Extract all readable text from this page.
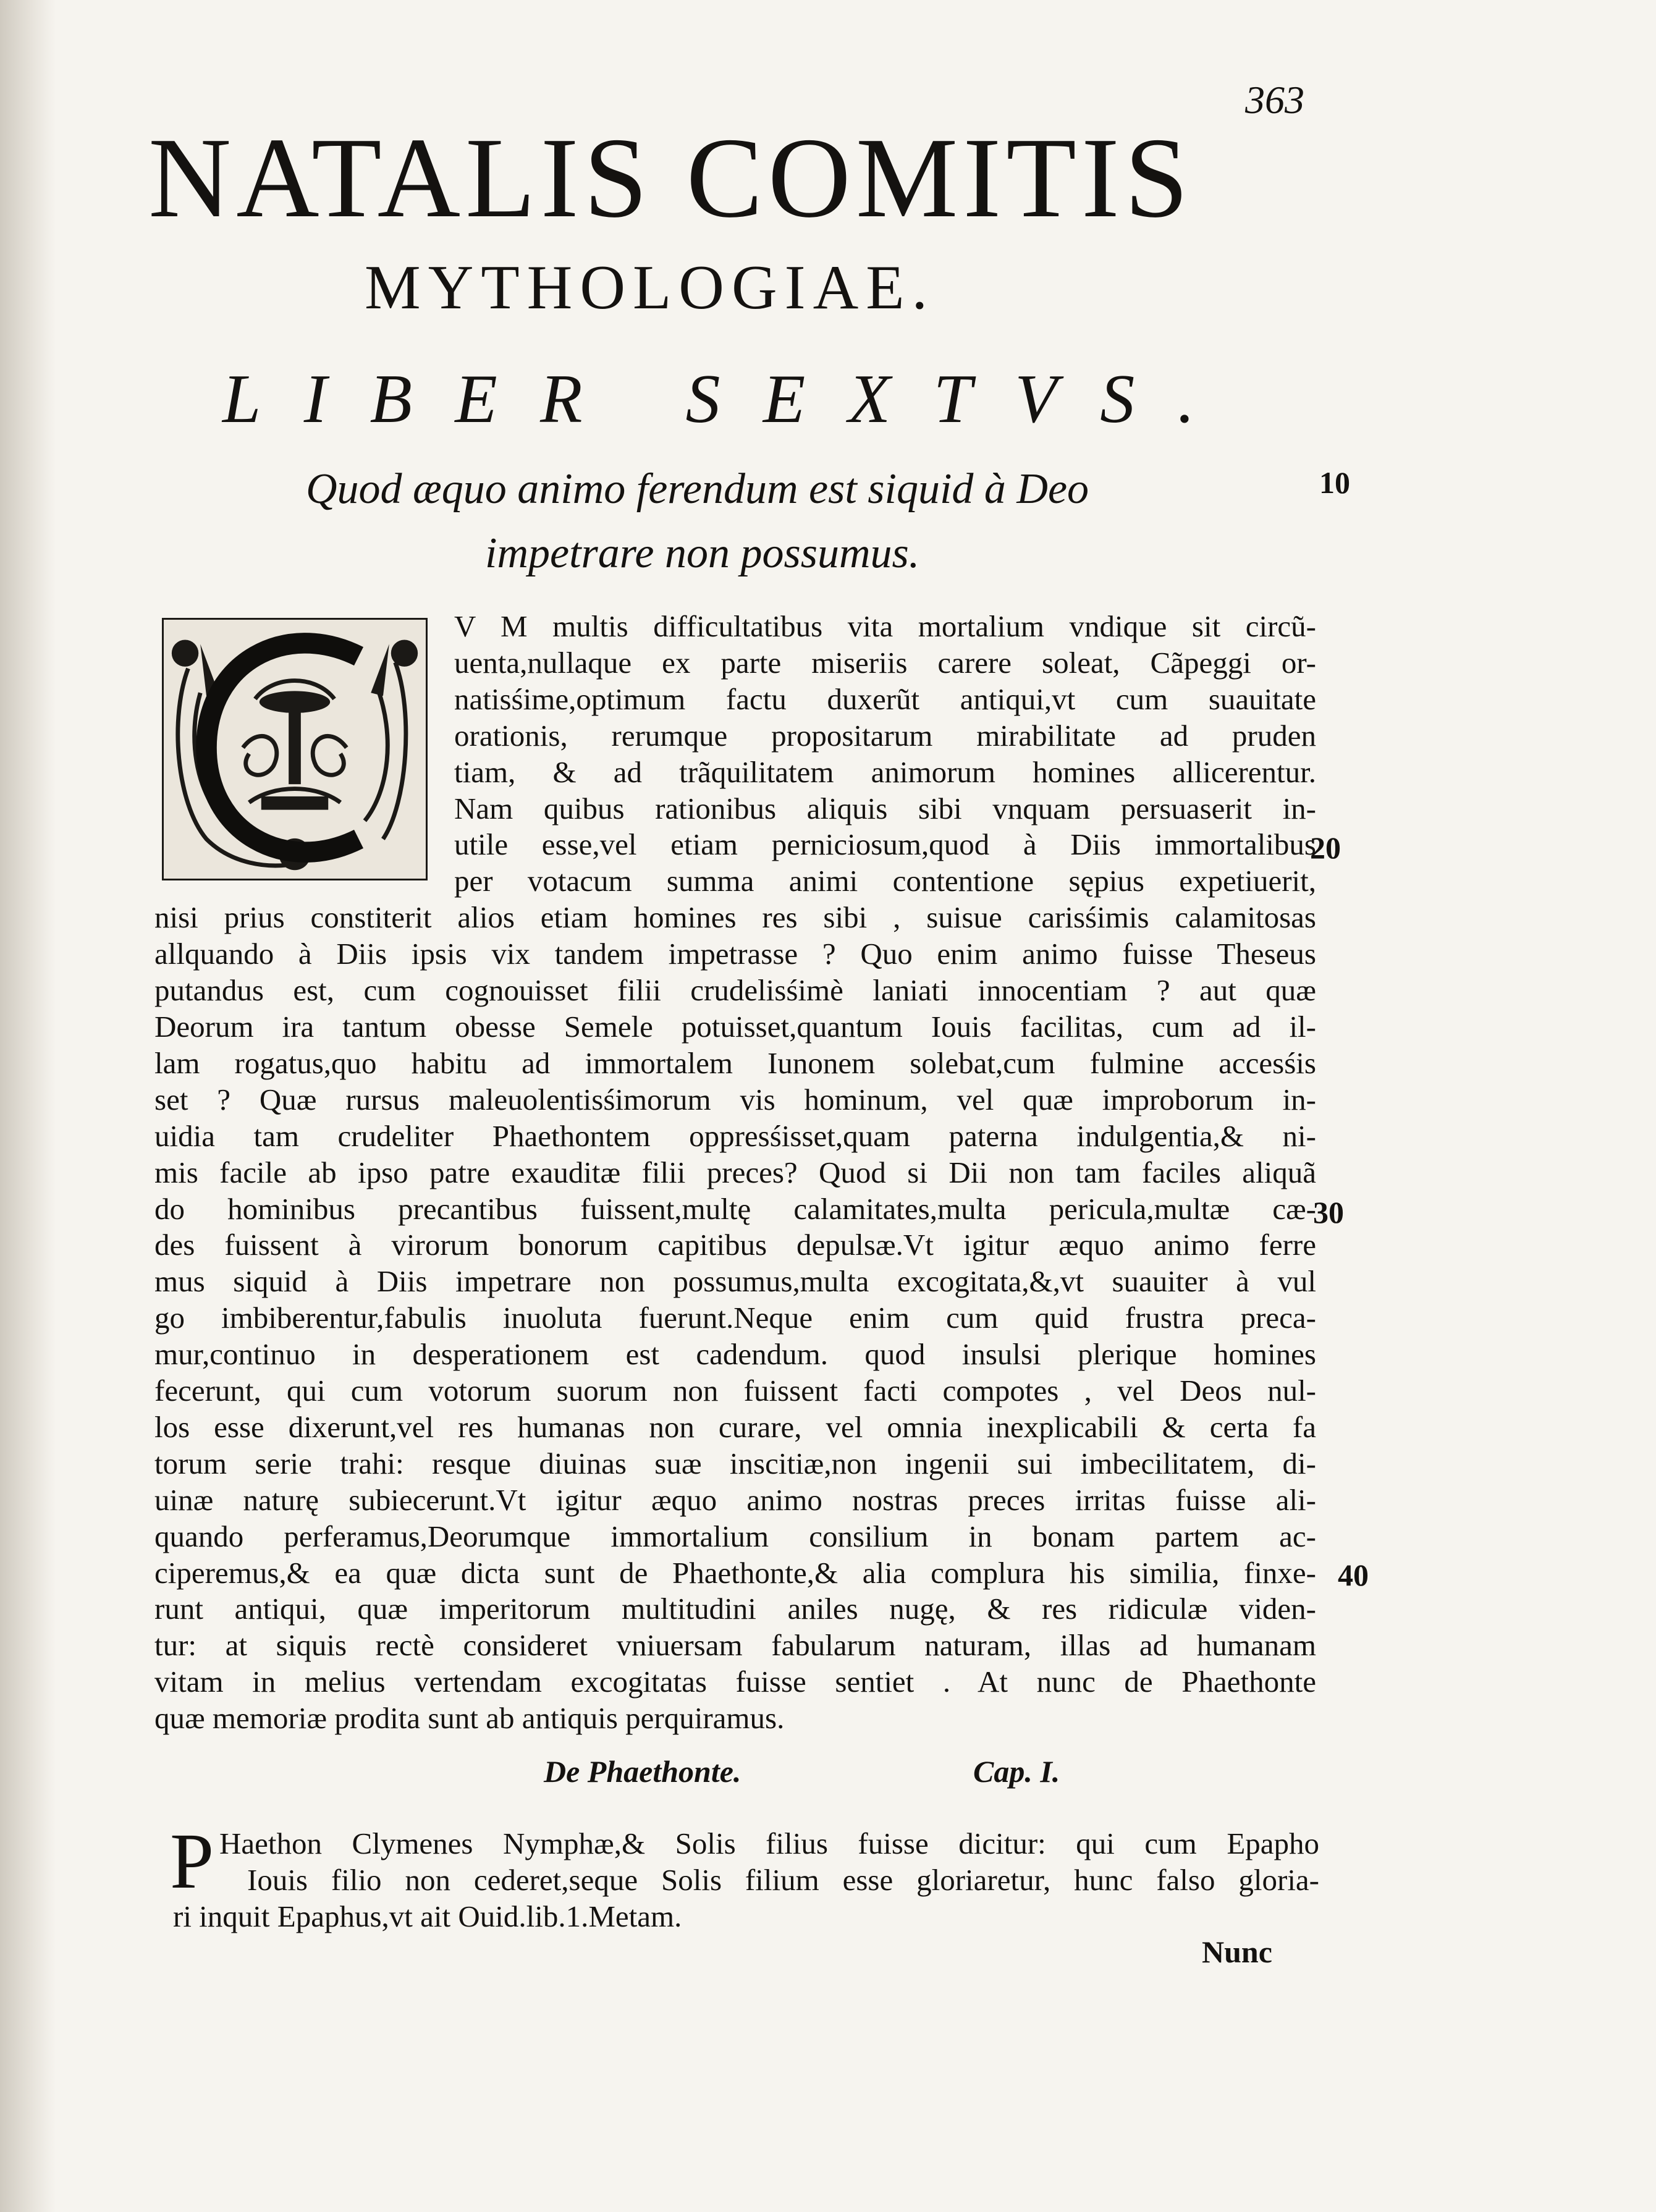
363
NATALIS COMITIS
MYTHOLOGIAE.
LIBER SEXTVS.
Quod æquo animo ferendum est siquid à Deo
impetrare non possumus.
10
20
30
40
V M multis difficultatibus vita mortalium vndique sit circũ-
uenta,nullaque ex parte miseriis carere soleat, Cãpeggi or-
natisśime,optimum factu duxerũt antiqui,vt cum suauitate
orationis, rerumque propositarum mirabilitate ad pruden
tiam, & ad trãquilitatem animorum homines allicerentur.
Nam quibus rationibus aliquis sibi vnquam persuaserit in-
utile esse,vel etiam perniciosum,quod à Diis immortalibus
per votacum summa animi contentione sępius expetiuerit,
nisi prius constiterit alios etiam homines res sibi , suisue carisśimis calamitosas
allquando à Diis ipsis vix tandem impetrasse ? Quo enim animo fuisse Theseus
putandus est, cum cognouisset filii crudelisśimè laniati innocentiam ? aut quæ
Deorum ira tantum obesse Semele potuisset,quantum Iouis facilitas, cum ad il-
lam rogatus,quo habitu ad immortalem Iunonem solebat,cum fulmine accesśis
set ? Quæ rursus maleuolentisśimorum vis hominum, vel quæ improborum in-
uidia tam crudeliter Phaethontem oppresśisset,quam paterna indulgentia,& ni-
mis facile ab ipso patre exauditæ filii preces? Quod si Dii non tam faciles aliquã
do hominibus precantibus fuissent,multę calamitates,multa pericula,multæ cæ-
des fuissent à virorum bonorum capitibus depulsæ.Vt igitur æquo animo ferre
mus siquid à Diis impetrare non possumus,multa excogitata,&,vt suauiter à vul
go imbiberentur,fabulis inuoluta fuerunt.Neque enim cum quid frustra preca-
mur,continuo in desperationem est cadendum. quod insulsi plerique homines
fecerunt, qui cum votorum suorum non fuissent facti compotes , vel Deos nul-
los esse dixerunt,vel res humanas non curare, vel omnia inexplicabili & certa fa
torum serie trahi: resque diuinas suæ inscitiæ,non ingenii sui imbecilitatem, di-
uinæ naturę subiecerunt.Vt igitur æquo animo nostras preces irritas fuisse ali-
quando perferamus,Deorumque immortalium consilium in bonam partem ac-
ciperemus,& ea quæ dicta sunt de Phaethonte,& alia complura his similia, finxe-
runt antiqui, quæ imperitorum multitudini aniles nugę, & res ridiculæ viden-
tur: at siquis rectè consideret vniuersam fabularum naturam, illas ad humanam
vitam in melius vertendam excogitatas fuisse sentiet . At nunc de Phaethonte
quæ memoriæ prodita sunt ab antiquis perquiramus.
De Phaethonte.	Cap. I.
P Haethon Clymenes Nymphæ,& Solis filius fuisse dicitur: qui cum Epapho
Iouis filio non cederet,seque Solis filium esse gloriaretur, hunc falso gloria-
ri inquit Epaphus,vt ait Ouid.lib.1.Metam.
Nunc
